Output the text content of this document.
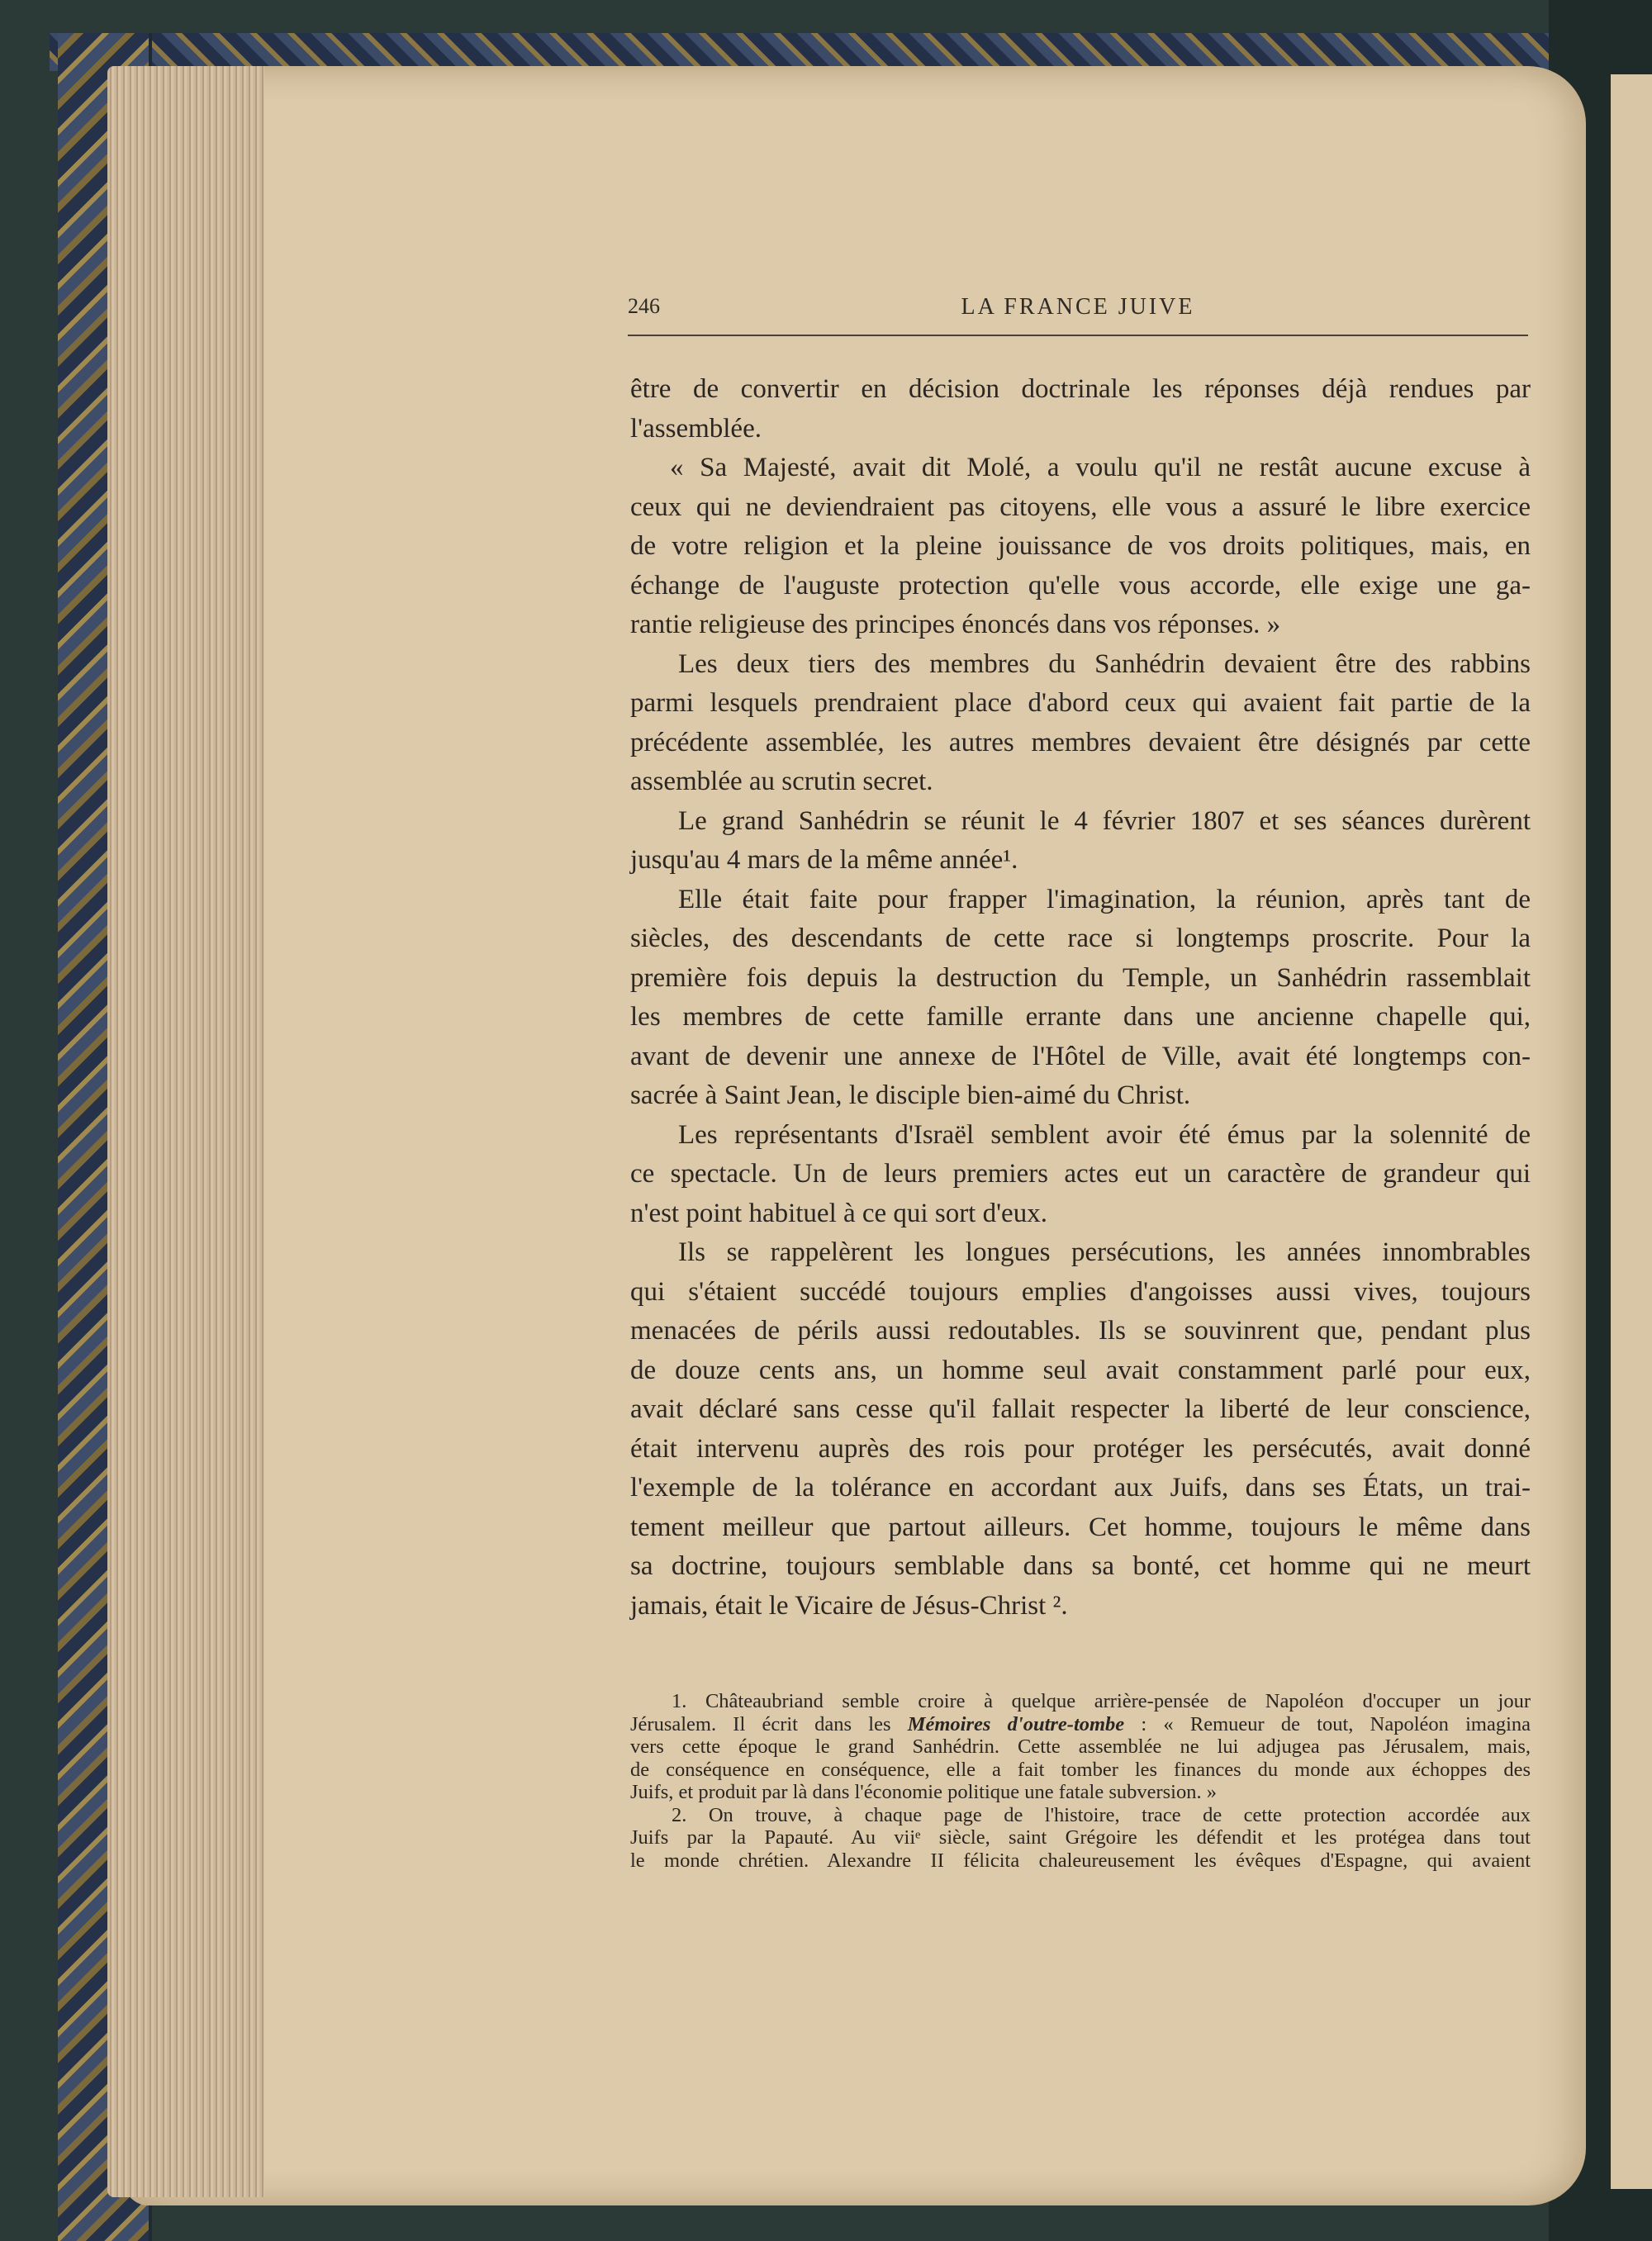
246	LA FRANCE JUIVE
être de convertir en décision doctrinale les réponses déjà rendues par
l'assemblée.
« Sa Majesté, avait dit Molé, a voulu qu'il ne restât aucune excuse à
ceux qui ne deviendraient pas citoyens, elle vous a assuré le libre exercice
de votre religion et la pleine jouissance de vos droits politiques, mais, en
échange de l'auguste protection qu'elle vous accorde, elle exige une ga-
rantie religieuse des principes énoncés dans vos réponses. »
Les deux tiers des membres du Sanhédrin devaient être des rabbins
parmi lesquels prendraient place d'abord ceux qui avaient fait partie de la
précédente assemblée, les autres membres devaient être désignés par cette
assemblée au scrutin secret.
Le grand Sanhédrin se réunit le 4 février 1807 et ses séances durèrent
jusqu'au 4 mars de la même année¹.
Elle était faite pour frapper l'imagination, la réunion, après tant de
siècles, des descendants de cette race si longtemps proscrite. Pour la
première fois depuis la destruction du Temple, un Sanhédrin rassemblait
les membres de cette famille errante dans une ancienne chapelle qui,
avant de devenir une annexe de l'Hôtel de Ville, avait été longtemps con-
sacrée à Saint Jean, le disciple bien-aimé du Christ.
Les représentants d'Israël semblent avoir été émus par la solennité de
ce spectacle. Un de leurs premiers actes eut un caractère de grandeur qui
n'est point habituel à ce qui sort d'eux.
Ils se rappelèrent les longues persécutions, les années innombrables
qui s'étaient succédé toujours emplies d'angoisses aussi vives, toujours
menacées de périls aussi redoutables. Ils se souvinrent que, pendant plus
de douze cents ans, un homme seul avait constamment parlé pour eux,
avait déclaré sans cesse qu'il fallait respecter la liberté de leur conscience,
était intervenu auprès des rois pour protéger les persécutés, avait donné
l'exemple de la tolérance en accordant aux Juifs, dans ses États, un trai-
tement meilleur que partout ailleurs. Cet homme, toujours le même dans
sa doctrine, toujours semblable dans sa bonté, cet homme qui ne meurt
jamais, était le Vicaire de Jésus-Christ ².
1. Châteaubriand semble croire à quelque arrière-pensée de Napoléon d'occuper un jour
Jérusalem. Il écrit dans les Mémoires d'outre-tombe : « Remueur de tout, Napoléon imagina
vers cette époque le grand Sanhédrin. Cette assemblée ne lui adjugea pas Jérusalem, mais,
de conséquence en conséquence, elle a fait tomber les finances du monde aux échoppes des
Juifs, et produit par là dans l'économie politique une fatale subversion. »
2. On trouve, à chaque page de l'histoire, trace de cette protection accordée aux
Juifs par la Papauté. Au viiᵉ siècle, saint Grégoire les défendit et les protégea dans tout
le monde chrétien. Alexandre II félicita chaleureusement les évêques d'Espagne, qui avaient
